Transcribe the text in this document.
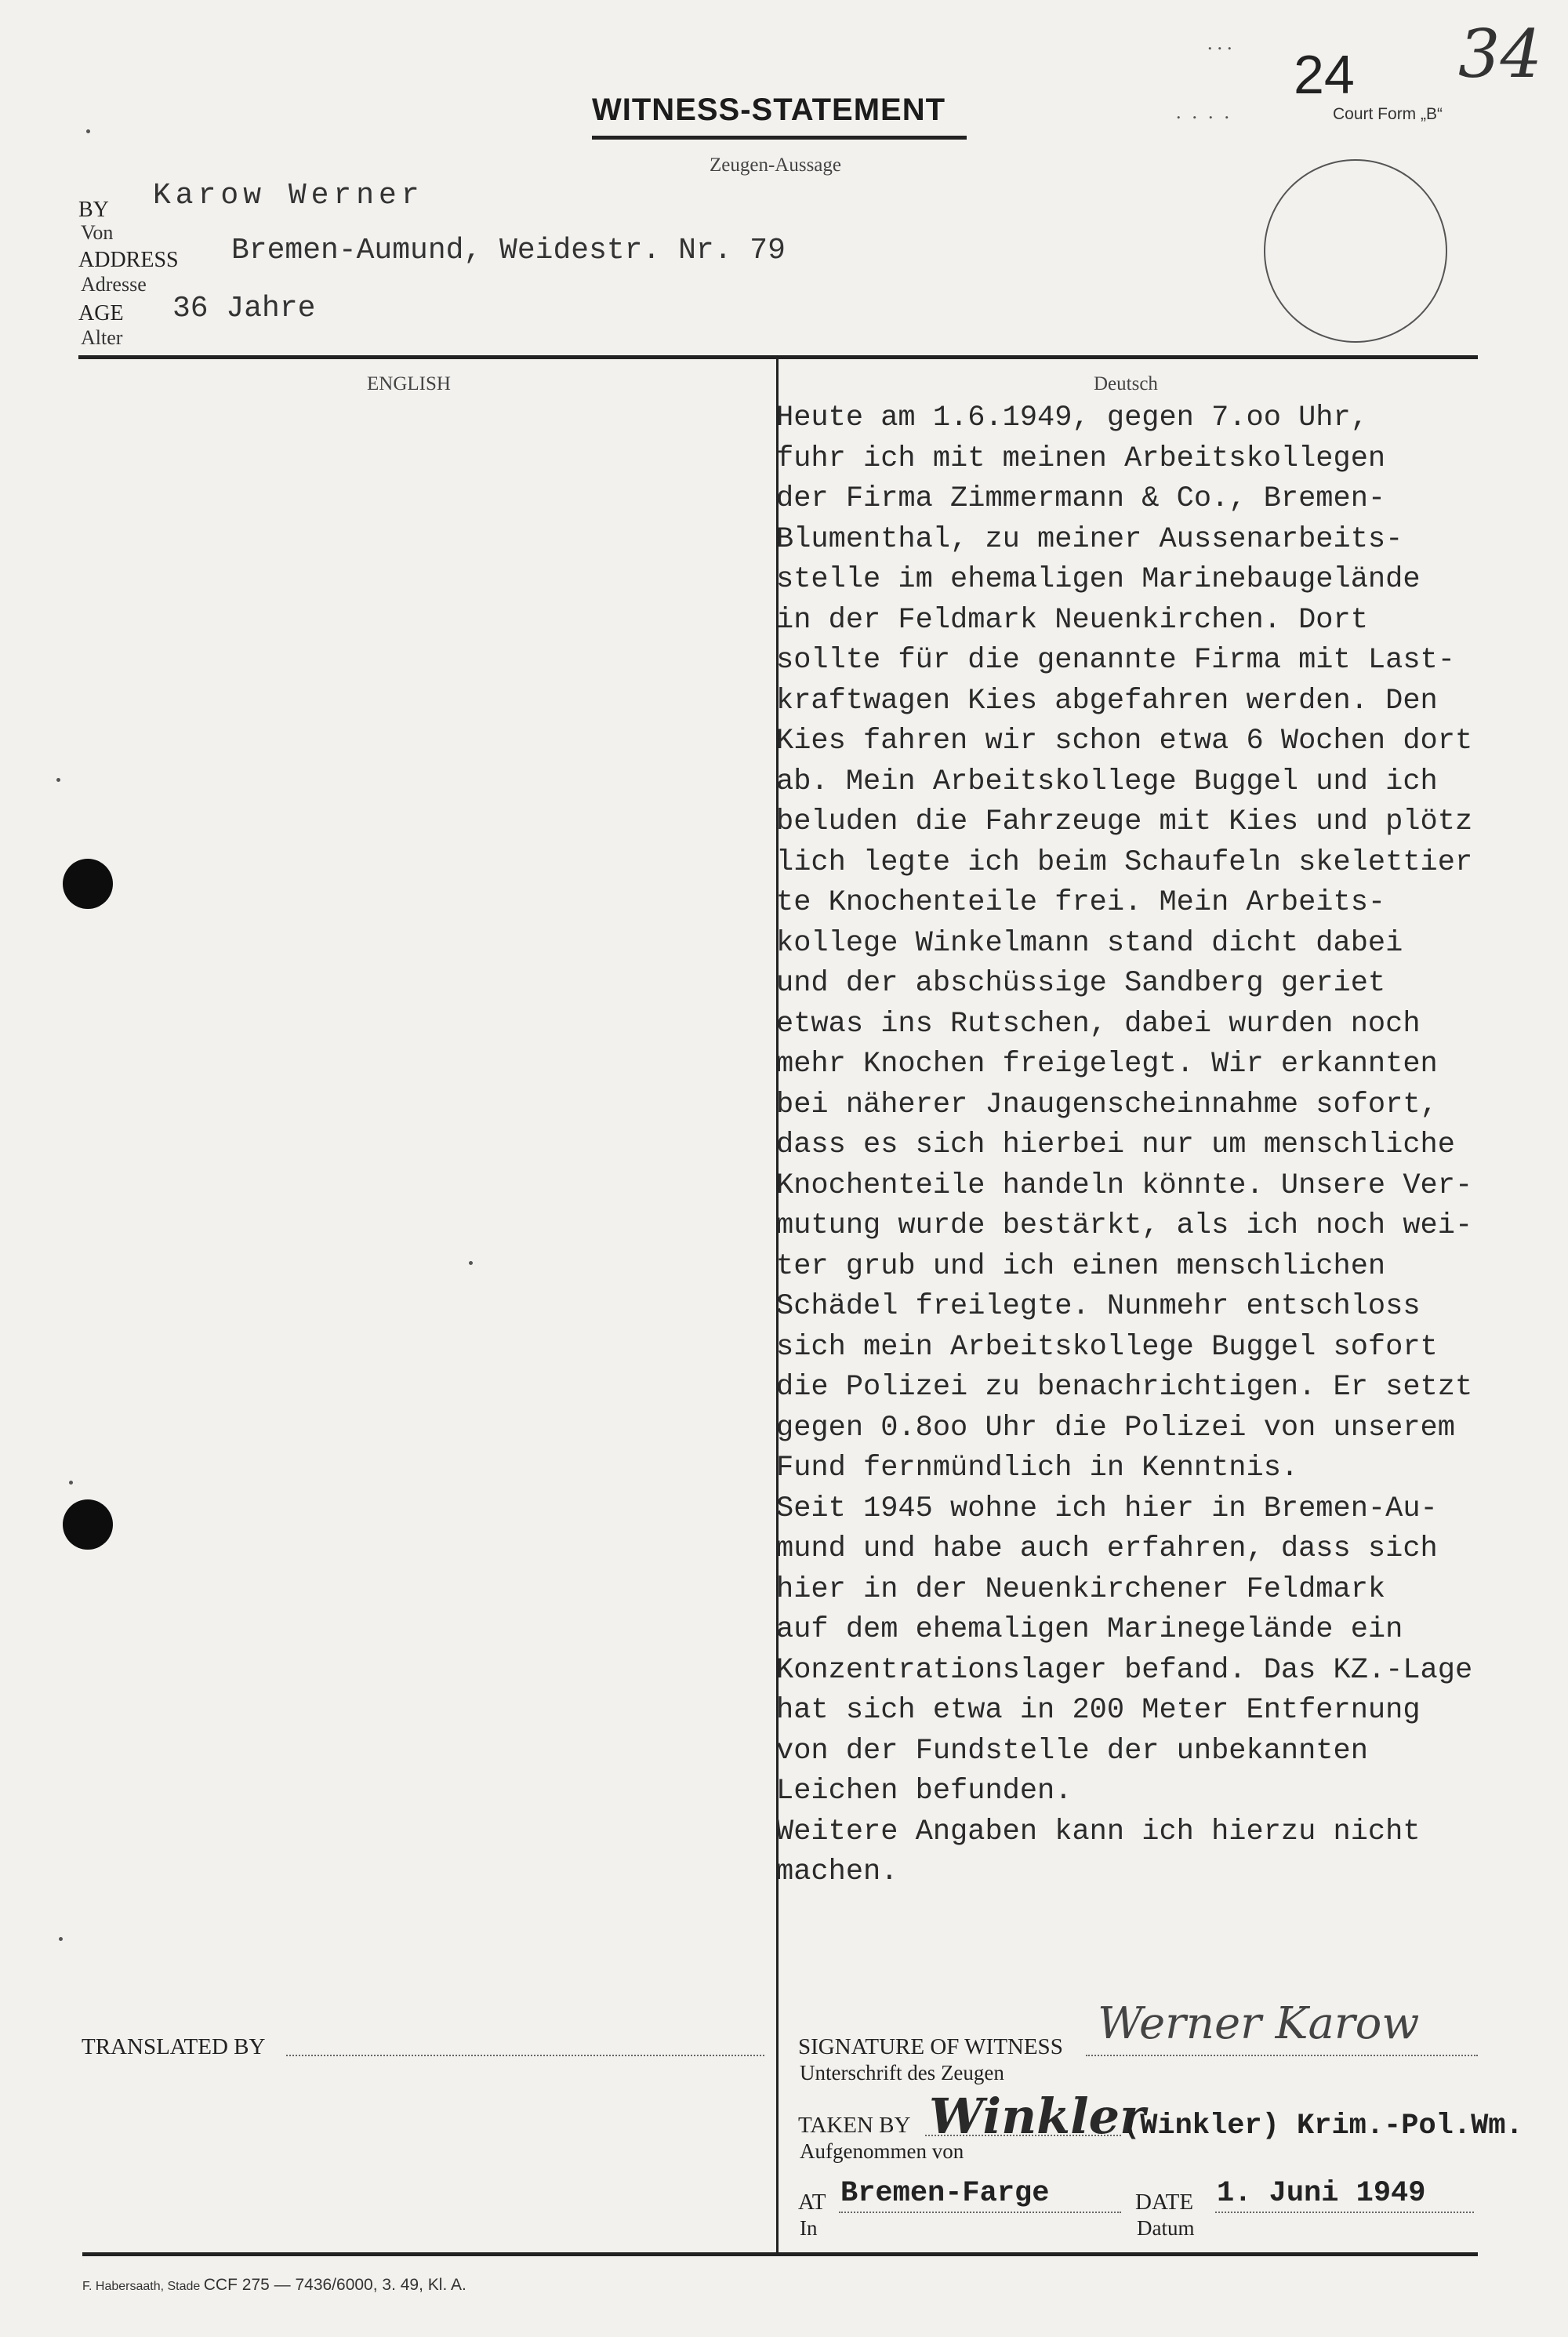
24 34
Court Form „B“
WITNESS-STATEMENT
Zeugen-Aussage
BY
Von
Karow Werner
ADDRESS
Adresse
Bremen-Aumund, Weidestr. Nr. 79
AGE
Alter
36 Jahre
ENGLISH	Deutsch
Heute am 1.6.1949, gegen 7.oo Uhr,
fuhr ich mit meinen Arbeitskollegen
der Firma Zimmermann & Co., Bremen-
Blumenthal, zu meiner Aussenarbeits-
stelle im ehemaligen Marinebaugelände
in der Feldmark Neuenkirchen. Dort
sollte für die genannte Firma mit Last-
kraftwagen Kies abgefahren werden. Den
Kies fahren wir schon etwa 6 Wochen dort
ab. Mein Arbeitskollege Buggel und ich
beluden die Fahrzeuge mit Kies und plötz
lich legte ich beim Schaufeln skelettier
te Knochenteile frei. Mein Arbeits-
kollege Winkelmann stand dicht dabei
und der abschüssige Sandberg geriet
etwas ins Rutschen, dabei wurden noch
mehr Knochen freigelegt. Wir erkannten
bei näherer Jnaugenscheinnahme sofort,
dass es sich hierbei nur um menschliche
Knochenteile handeln könnte. Unsere Ver-
mutung wurde bestärkt, als ich noch wei-
ter grub und ich einen menschlichen
Schädel freilegte. Nunmehr entschloss
sich mein Arbeitskollege Buggel sofort
die Polizei zu benachrichtigen. Er setzt
gegen 0.8oo Uhr die Polizei von unserem
Fund fernmündlich in Kenntnis.
Seit 1945 wohne ich hier in Bremen-Au-
mund und habe auch erfahren, dass sich
hier in der Neuenkirchener Feldmark
auf dem ehemaligen Marinegelände ein
Konzentrationslager befand. Das KZ.-Lage
hat sich etwa in 200 Meter Entfernung
von der Fundstelle der unbekannten
Leichen befunden.
Weitere Angaben kann ich hierzu nicht
machen.
...
....
TRANSLATED BY	SIGNATURE OF WITNESS
Unterschrift des Zeugen
Werner Karow
TAKEN BY
Aufgenommen von
Winkler
(Winkler) Krim.-Pol.Wm.
AT
In
Bremen-Farge	DATE
Datum
1. Juni 1949
F. Habersaath, Stade CCF 275 — 7436/6000, 3. 49, Kl. A.
